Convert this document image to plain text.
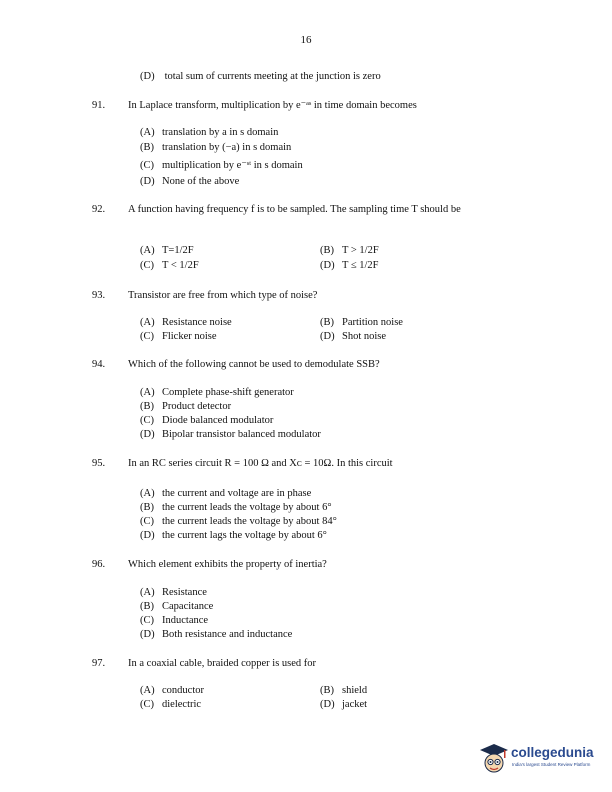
16
(D) total sum of currents meeting at the junction is zero
91. In Laplace transform, multiplication by e⁻ᵃˢ in time domain becomes
(A) translation by a in s domain
(B) translation by (−a) in s domain
(C) multiplication by e⁻ˢᵗ in s domain
(D) None of the above
92. A function having frequency f is to be sampled. The sampling time T should be
(A) T=1/2F	(B) T > 1/2F
(C) T < 1/2F	(D) T ≤ 1/2F
93. Transistor are free from which type of noise?
(A) Resistance noise	(B) Partition noise
(C) Flicker noise	(D) Shot noise
94. Which of the following cannot be used to demodulate SSB?
(A) Complete phase-shift generator
(B) Product detector
(C) Diode balanced modulator
(D) Bipolar transistor balanced modulator
95. In an RC series circuit R = 100 Ω and Xᴄ = 10Ω. In this circuit
(A) the current and voltage are in phase
(B) the current leads the voltage by about 6°
(C) the current leads the voltage by about 84°
(D) the current lags the voltage by about 6°
96. Which element exhibits the property of inertia?
(A) Resistance
(B) Capacitance
(C) Inductance
(D) Both resistance and inductance
97. In a coaxial cable, braided copper is used for
(A) conductor	(B) shield
(C) dielectric	(D) jacket
collegedunia
India's largest Student Review Platform
